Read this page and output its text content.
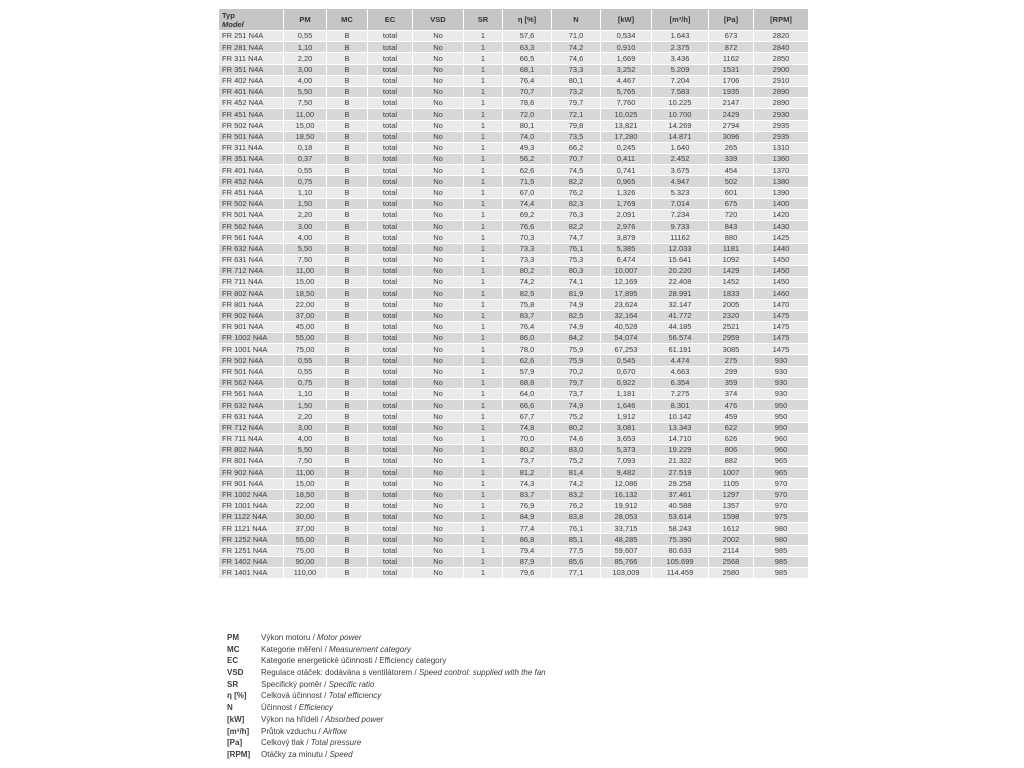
Typ
Model	PM	MC	EC	VSD	SR	η [%]	N	[kW]	[m³/h]	[Pa]	[RPM]
FR 251 N4A	0,55	B	total	No	1	57,6	71,0	0,534	1.643	673	2820
FR 281 N4A	1,10	B	total	No	1	63,3	74,2	0,910	2.375	872	2840
FR 311 N4A	2,20	B	total	No	1	66,5	74,6	1,669	3.436	1162	2850
FR 351 N4A	3,00	B	total	No	1	68,1	73,3	3,252	5.209	1531	2900
FR 402 N4A	4,00	B	total	No	1	76,4	80,1	4,467	7.204	1706	2910
FR 401 N4A	5,50	B	total	No	1	70,7	73,2	5,765	7.583	1935	2890
FR 452 N4A	7,50	B	total	No	1	78,6	79,7	7,760	10.225	2147	2890
FR 451 N4A	11,00	B	total	No	1	72,0	72,1	10,025	10.700	2429	2930
FR 502 N4A	15,00	B	total	No	1	80,1	79,8	13,821	14.269	2794	2935
FR 501 N4A	18,50	B	total	No	1	74,0	73,5	17,280	14.871	3096	2935
FR 311 N4A	0,18	B	total	No	1	49,3	66,2	0,245	1.640	265	1310
FR 351 N4A	0,37	B	total	No	1	56,2	70,7	0,411	2.452	339	1360
FR 401 N4A	0,55	B	total	No	1	62,6	74,5	0,741	3.675	454	1370
FR 452 N4A	0,75	B	total	No	1	71,5	82,2	0,965	4.947	502	1380
FR 451 N4A	1,10	B	total	No	1	67,0	76,2	1,326	5.323	601	1390
FR 502 N4A	1,50	B	total	No	1	74,4	82,3	1,769	7.014	675	1400
FR 501 N4A	2,20	B	total	No	1	69,2	76,3	2,091	7.234	720	1420
FR 562 N4A	3,00	B	total	No	1	76,6	82,2	2,976	9.733	843	1430
FR 561 N4A	4,00	B	total	No	1	70,3	74,7	3,879	11162	880	1425
FR 632 N4A	5,50	B	total	No	1	73,3	76,1	5,385	12.033	1181	1440
FR 631 N4A	7,50	B	total	No	1	73,3	75,3	6,474	15.641	1092	1450
FR 712 N4A	11,00	B	total	No	1	80,2	80,3	10,007	20.220	1429	1450
FR 711 N4A	15,00	B	total	No	1	74,2	74,1	12,169	22.408	1452	1450
FR 802 N4A	18,50	B	total	No	1	82,5	81,9	17,895	28.991	1833	1460
FR 801 N4A	22,00	B	total	No	1	75,8	74,9	23,624	32.147	2005	1470
FR 902 N4A	37,00	B	total	No	1	83,7	82,5	32,164	41.772	2320	1475
FR 901 N4A	45,00	B	total	No	1	76,4	74,9	40,528	44.185	2521	1475
FR 1002 N4A	55,00	B	total	No	1	86,0	84,2	54,074	56.574	2959	1475
FR 1001 N4A	75,00	B	total	No	1	78,0	75,9	67,253	61.191	3085	1475
FR 502 N4A	0,55	B	total	No	1	62,6	75,9	0,545	4.474	275	930
FR 501 N4A	0,55	B	total	No	1	57,9	70,2	0,670	4.663	299	930
FR 562 N4A	0,75	B	total	No	1	68,8	79,7	0,922	6.354	359	930
FR 561 N4A	1,10	B	total	No	1	64,0	73,7	1,181	7.275	374	930
FR 632 N4A	1,50	B	total	No	1	66,6	74,9	1,646	8.301	476	950
FR 631 N4A	2,20	B	total	No	1	67,7	75,2	1,912	10.142	459	950
FR 712 N4A	3,00	B	total	No	1	74,8	80,2	3,081	13.343	622	950
FR 711 N4A	4,00	B	total	No	1	70,0	74,6	3,653	14.710	626	960
FR 802 N4A	5,50	B	total	No	1	80,2	83,0	5,373	19.229	806	960
FR 801 N4A	7,50	B	total	No	1	73,7	75,2	7,093	21.322	882	965
FR 902 N4A	11,00	B	total	No	1	81,2	81,4	9,482	27.519	1007	965
FR 901 N4A	15,00	B	total	No	1	74,3	74,2	12,086	29.258	1105	970
FR 1002 N4A	18,50	B	total	No	1	83,7	83,2	16,132	37.461	1297	970
FR 1001 N4A	22,00	B	total	No	1	76,9	76,2	19,912	40.588	1357	970
FR 1122 N4A	30,00	B	total	No	1	84,9	83,8	28,053	53.614	1598	975
FR 1121 N4A	37,00	B	total	No	1	77,4	76,1	33,715	58.243	1612	980
FR 1252 N4A	55,00	B	total	No	1	86,8	85,1	48,285	75.390	2002	980
FR 1251 N4A	75,00	B	total	No	1	79,4	77,5	59,607	80.633	2114	985
FR 1402 N4A	90,00	B	total	No	1	87,9	85,6	85,766	105.699	2568	985
FR 1401 N4A	110,00	B	total	No	1	79,6	77,1	103,009	114.459	2580	985
PM	Výkon motoru / Motor power
MC	Kategorie měření / Measurement category
EC	Kategorie energetické účinnosti / Efficiency category
VSD	Regulace otáček: dodávána s ventilátorem / Speed control: supplied with the fan
SR	Specifický poměr / Specific ratio
η [%]	Celková účinnost / Total efficiency
N	Účinnost / Efficiency
[kW]	Výkon na hřídeli / Absorbed power
[m³/h]	Průtok vzduchu / Airflow
[Pa]	Celkový tlak / Total pressure
[RPM]	Otáčky za minutu / Speed
